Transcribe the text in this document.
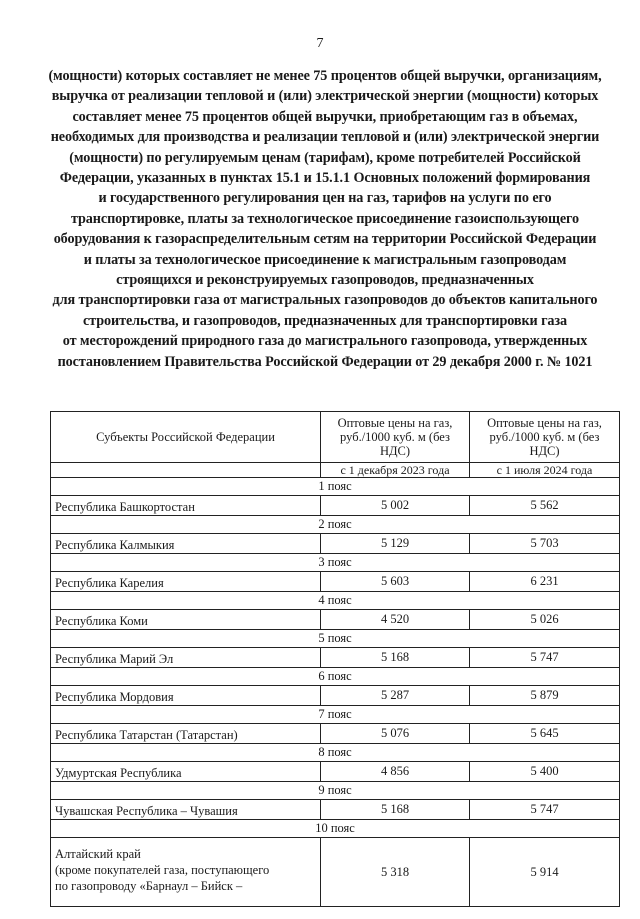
7
(мощности) которых составляет не менее 75 процентов общей выручки, организациям,
выручка от реализации тепловой и (или) электрической энергии (мощности) которых
составляет менее 75 процентов общей выручки, приобретающим газ в объемах,
необходимых для производства и реализации тепловой и (или) электрической энергии
(мощности) по регулируемым ценам (тарифам), кроме потребителей Российской
Федерации, указанных в пунктах 15.1 и 15.1.1 Основных положений формирования
и государственного регулирования цен на газ, тарифов на услуги по его
транспортировке, платы за технологическое присоединение газоиспользующего
оборудования к газораспределительным сетям на территории Российской Федерации
и платы за технологическое присоединение к магистральным газопроводам
строящихся и реконструируемых газопроводов, предназначенных
для транспортировки газа от магистральных газопроводов до объектов капитального
строительства, и газопроводов, предназначенных для транспортировки газа
от месторождений природного газа до магистрального газопровода, утвержденных
постановлением Правительства Российской Федерации от 29 декабря 2000 г. № 1021
Субъекты Российской Федерации	Оптовые цены на газ, руб./1000 куб. м (без НДС)	Оптовые цены на газ, руб./1000 куб. м (без НДС)
	с 1 декабря 2023 года	с 1 июля 2024 года
1 пояс		
Республика Башкортостан	5 002	5 562
2 пояс		
Республика Калмыкия	5 129	5 703
3 пояс		
Республика Карелия	5 603	6 231
4 пояс		
Республика Коми	4 520	5 026
5 пояс		
Республика Марий Эл	5 168	5 747
6 пояс		
Республика Мордовия	5 287	5 879
7 пояс		
Республика Татарстан (Татарстан)	5 076	5 645
8 пояс		
Удмуртская Республика	4 856	5 400
9 пояс		
Чувашская Республика – Чувашия	5 168	5 747
10 пояс		
Алтайский край
(кроме покупателей газа, поступающего
по газопроводу «Барнаул – Бийск –	5 318	5 914
